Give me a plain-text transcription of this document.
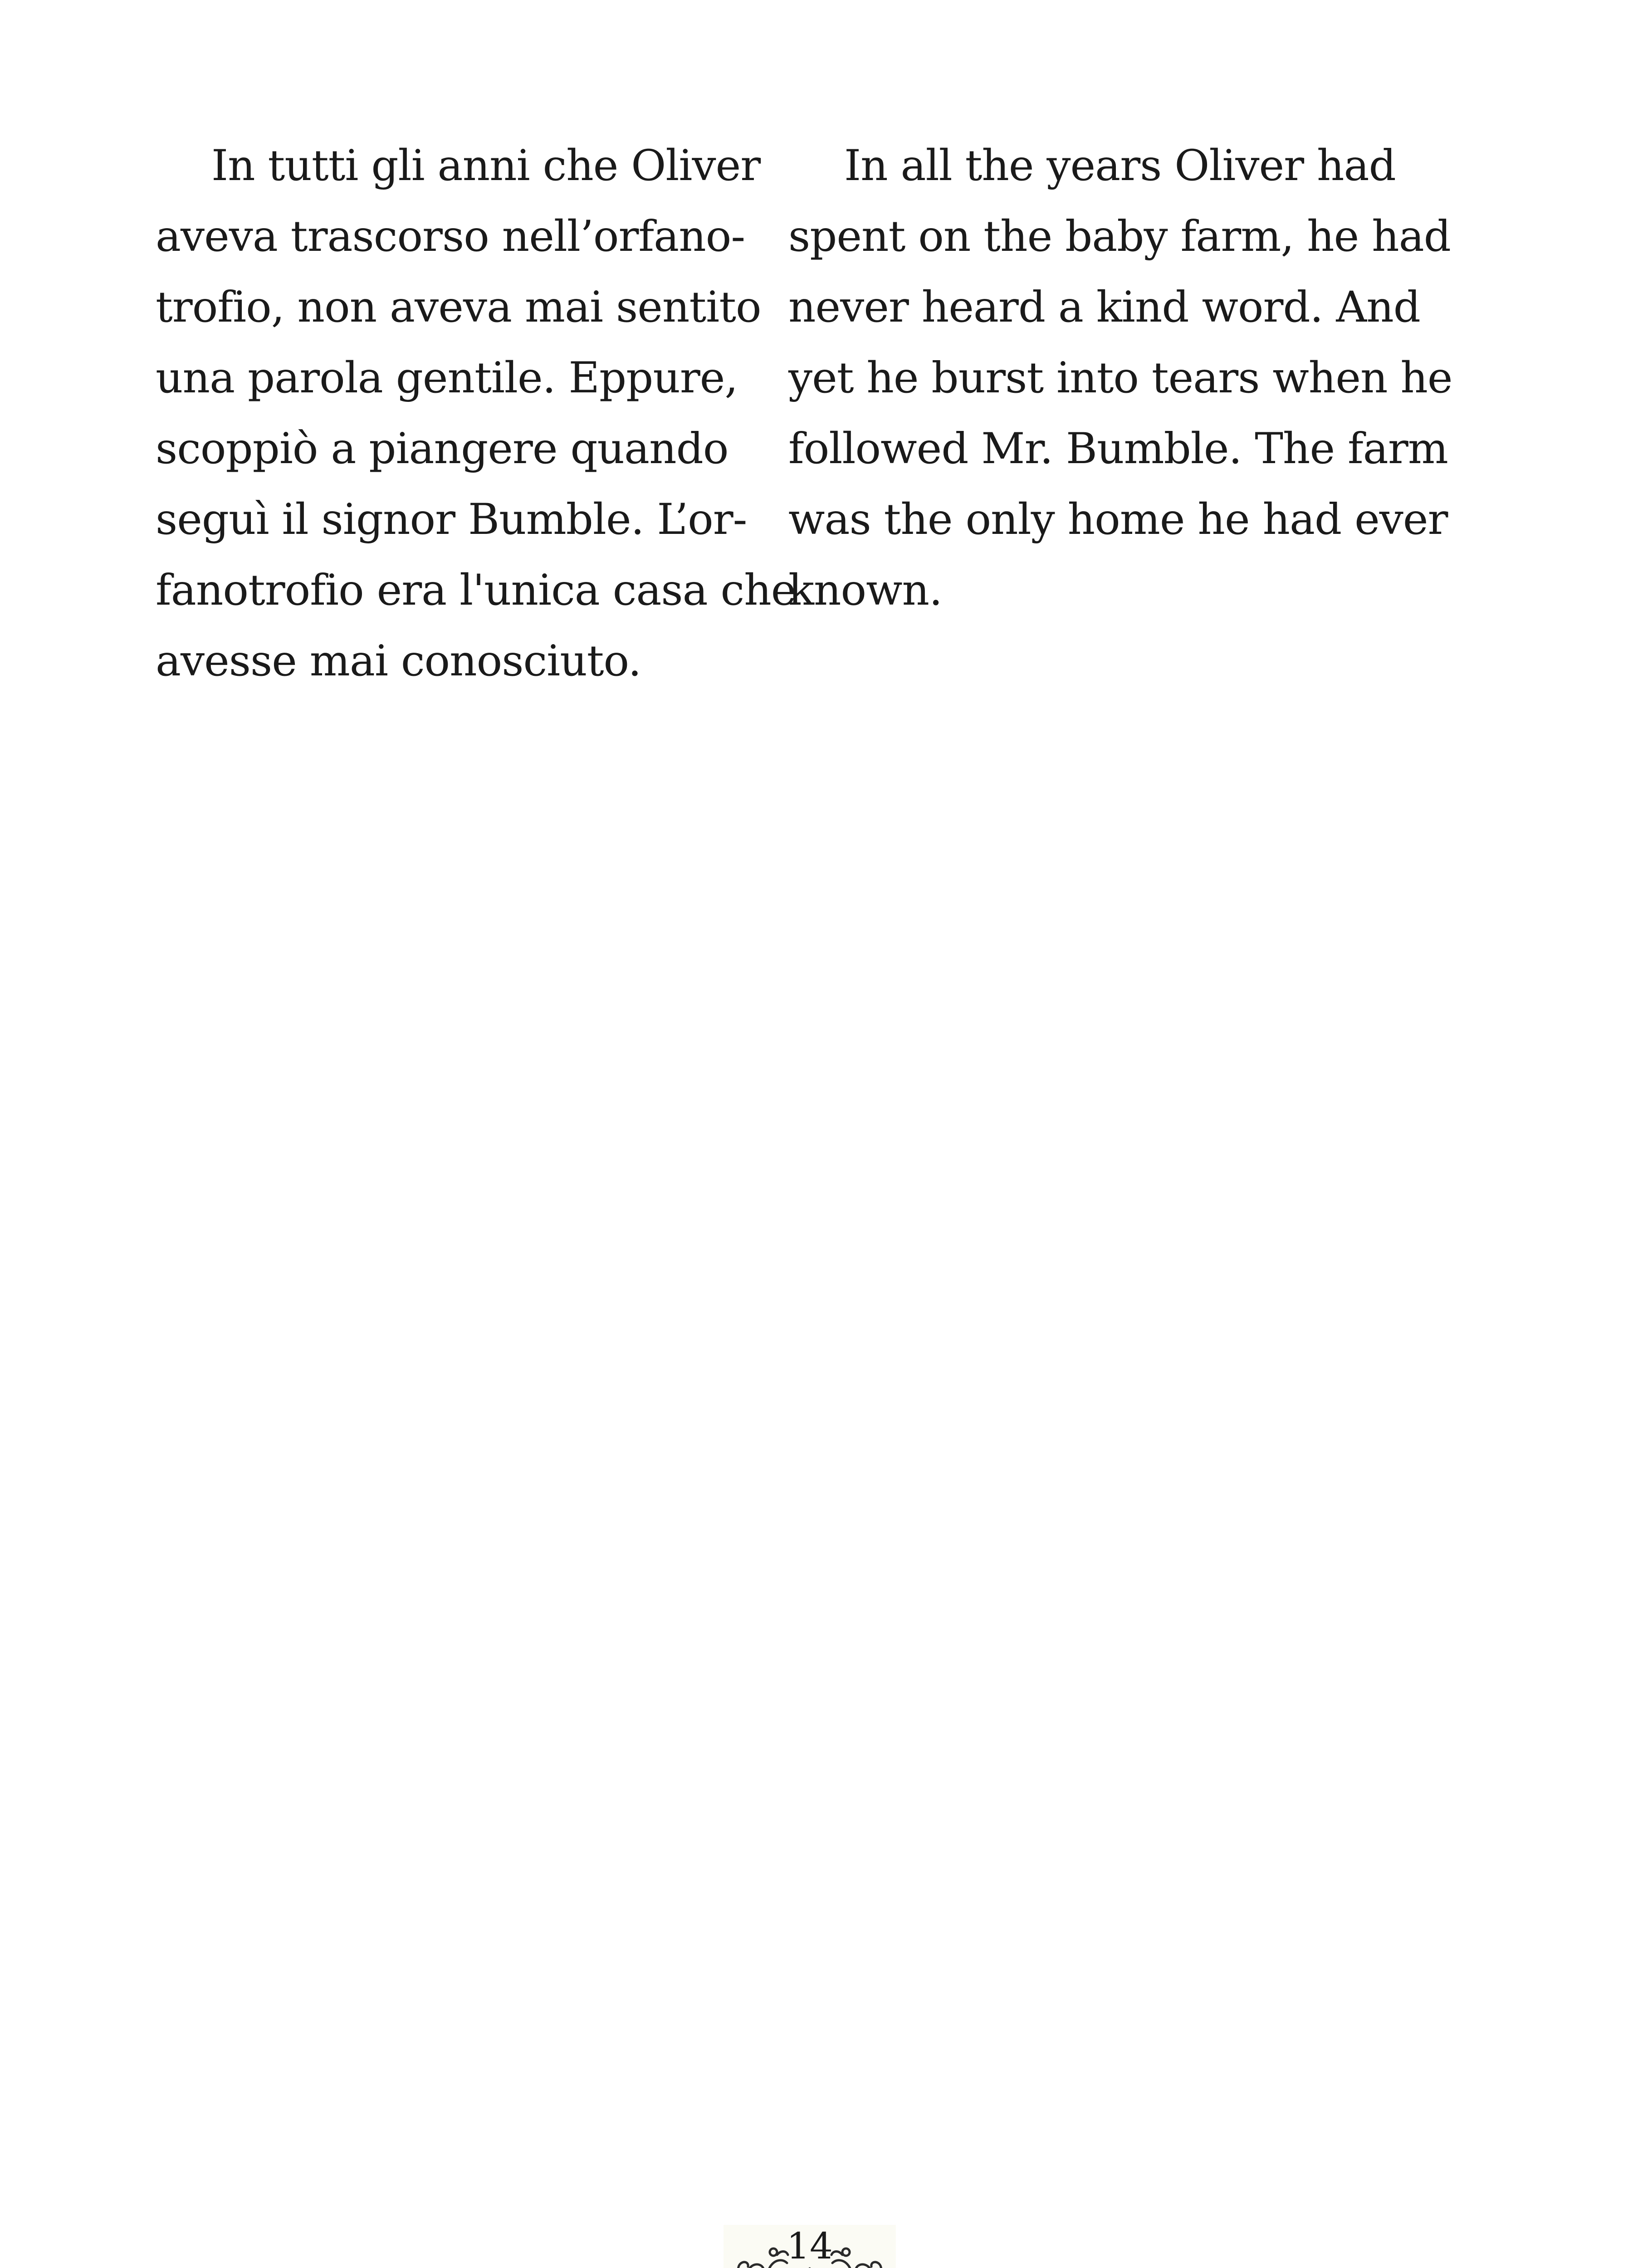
In tutti gli anni che Oliver
aveva trascorso nell’orfano-
trofio, non aveva mai sentito
una parola gentile. Eppure,
scoppiò a piangere quando
seguì il signor Bumble. L’or-
fanotrofio era l'unica casa che
avesse mai conosciuto.
In all the years Oliver had
spent on the baby farm, he had
never heard a kind word. And
yet he burst into tears when he
followed Mr. Bumble. The farm
was the only home he had ever
known.
14
